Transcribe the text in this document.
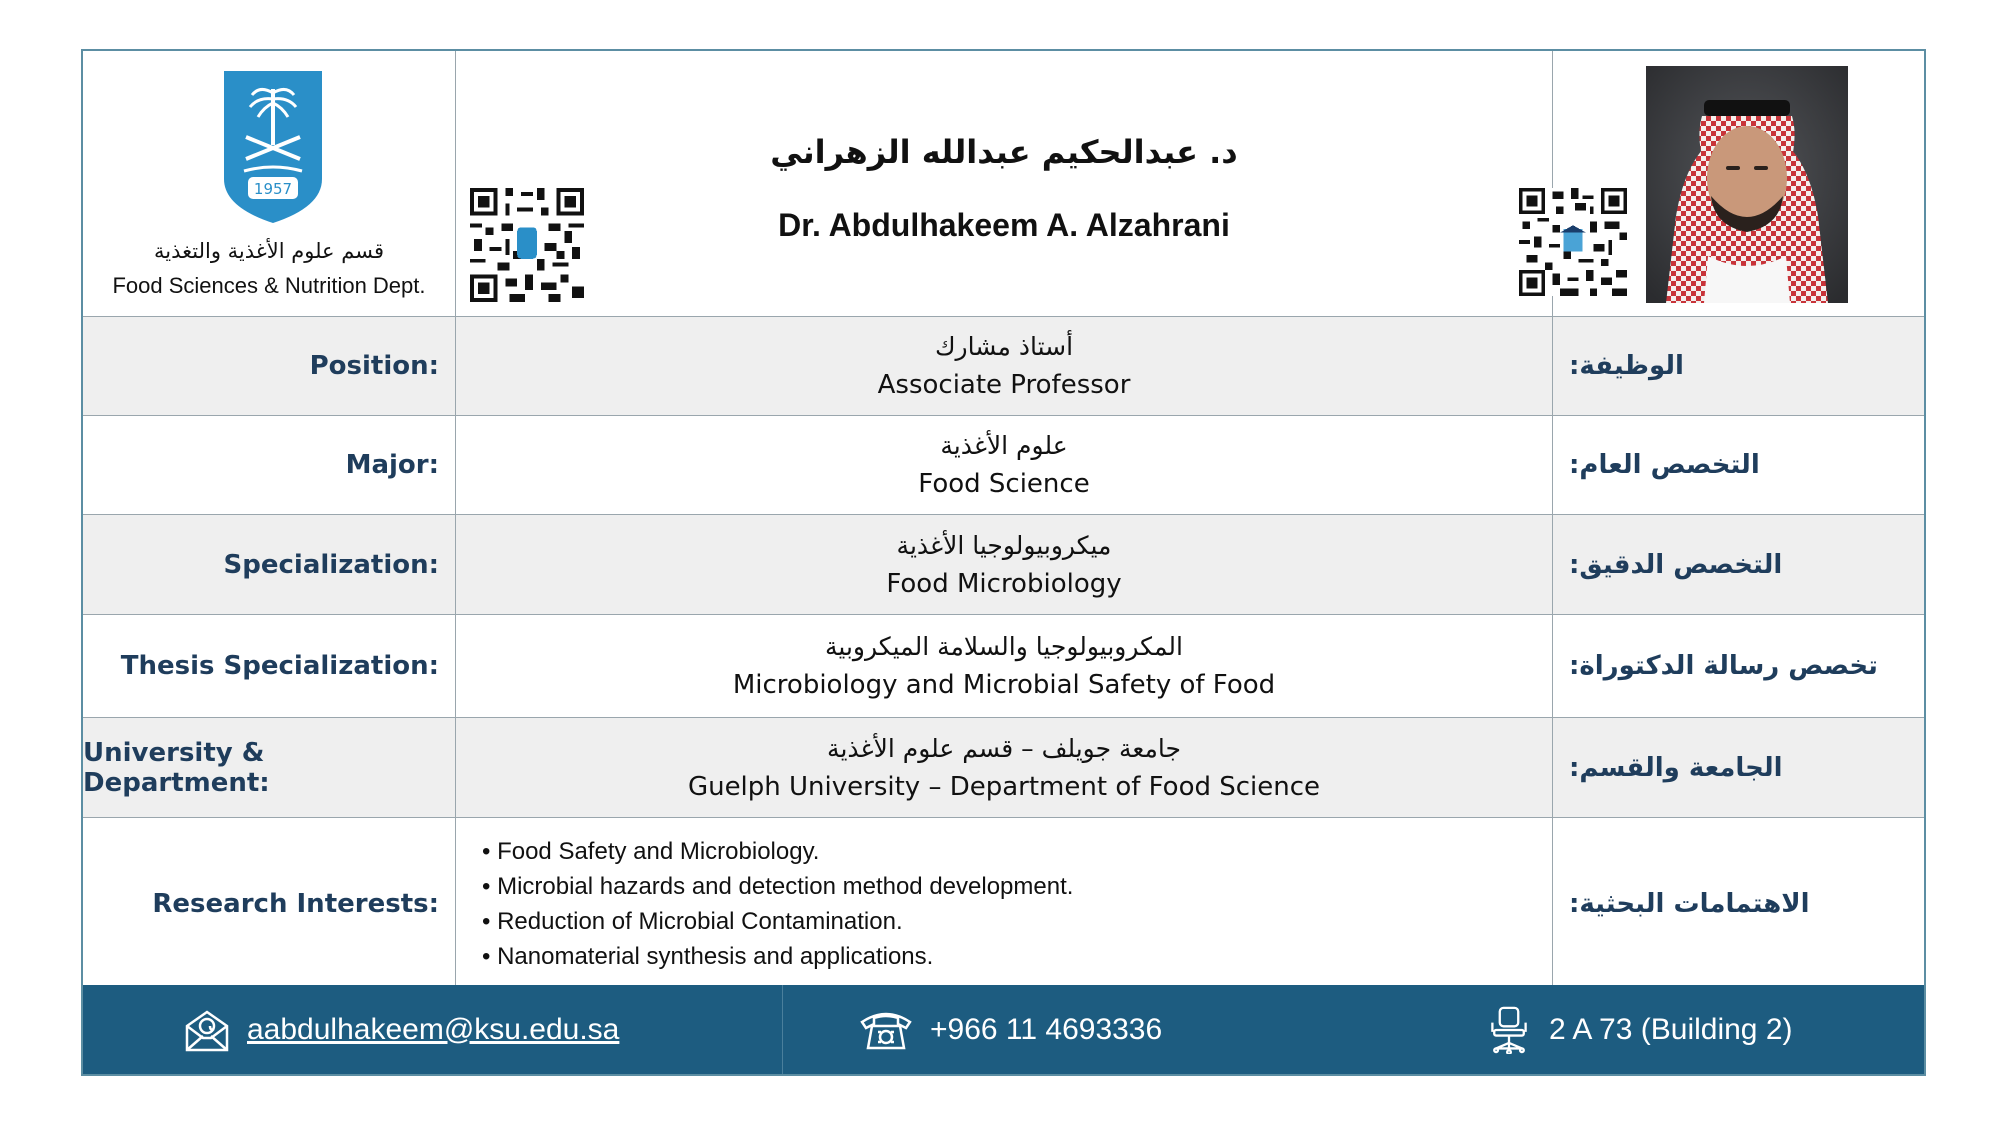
1957
قسم علوم الأغذية والتغذية
Food Sciences & Nutrition Dept.
د. عبدالحكيم عبدالله الزهراني
Dr. Abdulhakeem A. Alzahrani
Position:
أستاذ مشارك
Associate Professor
الوظيفة:
Major:
علوم الأغذية
Food Science
التخصص العام:
Specialization:
ميكروبيولوجيا الأغذية
Food Microbiology
التخصص الدقيق:
Thesis Specialization:
المكروبيولوجيا والسلامة الميكروبية
Microbiology and Microbial Safety of Food
تخصص رسالة الدكتوراة:
University & Department:
جامعة جويلف – قسم علوم الأغذية
Guelph University – Department of Food Science
الجامعة والقسم:
Research Interests:
• Food Safety and Microbiology.
• Microbial hazards and detection method development.
• Reduction of Microbial Contamination.
• Nanomaterial synthesis and applications.
الاهتمامات البحثية:
aabdulhakeem@ksu.edu.sa	+966 11 4693336	2 A 73 (Building 2)
